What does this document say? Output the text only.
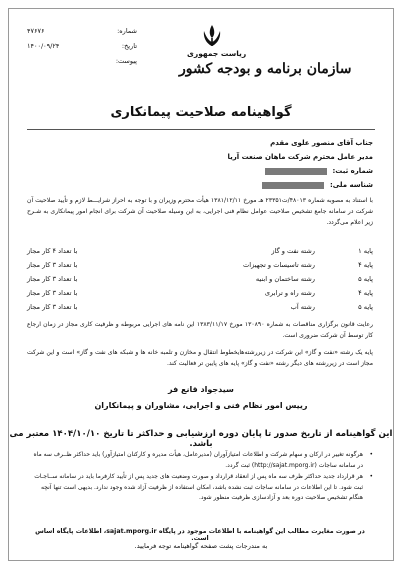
ریاست جمهوری
سازمان برنامه و بودجه کشور
شماره:
۴۷۶۷۶
تاریخ:
۱۴۰۰/۰۹/۲۴
پیوست:
گواهینامه صلاحیت پیمانکاری
جناب آقای منصور علوی مقدم
مدیر عامل محترم شرکت ماهان صنعت آریا
شماره ثبت:
شناسه ملی:
با استناد به مصوبه شماره ۴۸۰۱۳/ت۲۳۳۵۱ هـ مورخ ۱۳۸۱/۱۲/۱۱ هیأت محترم وزیران و با توجه به احراز شرایـــط لازم و تأیید صلاحیت آن شرکت در سامانه جامع تشخیص صلاحیت عوامل نظام فنی اجرایی، به این وسیله صلاحیت آن شرکت برای انجام امور پیمانکاری به شـرح زیر اعلام می‌گردد.
پایه ۱
رشته نفت و گاز
با تعداد ۴ کار مجاز
پایه ۴
رشته تاسیسات و تجهیزات
با تعداد ۳ کار مجاز
پایه ۵
رشته ساختمان و ابنیه
با تعداد ۳ کار مجاز
پایه ۴
رشته راه و ترابری
با تعداد ۳ کار مجاز
پایه ۵
رشته آب
با تعداد ۳ کار مجاز
رعایت قانون برگزاری مناقصات به شماره ۱۳۰۸۹۰ مورخ ۱۳۸۳/۱۱/۱۷ این نامه های اجرایی مربوطه و ظرفیت کاری مجاز در زمان ارجاع کار توسط آن شرکت ضروری است.
پایه یک رشته «نفت و گاز» این شرکت در زیررشته‌هایخطوط انتقال و مخازن و تلمبه خانه ها و شبکه های نفت و گاز» است و این شرکت مجاز است در زیررشته های دیگر رشته «نفت و گاز» پایه های پایین تر فعالیت کند.
سیدجواد قانع فر
رییس امور نظام فنی و اجرایی، مشاوران و پیمانکاران
این گواهینامه از تاریخ صدور تا پایان دوره ارزشیابی و حداکثر تا تاریخ ۱۴۰۴/۱۰/۱۰ معتبر می باشد.
•
هرگونه تغییر در ارکان و سهام شرکت و اطلاعات امتیازآوران (مدیرعامل، هیأت مدیره و کارکنان امتیازآور) باید حداکثر ظــرف سه ماه در سامانه ساجات (http://sajat.mporg.ir) ثبت گردد.
•
هر قرارداد جدید حداکثر ظرف سه ماه پس از انعقاد قرارداد و صورت وضعیت های جدید پس از تأیید کارفرما باید در سامانه ســاجـات ثبت شود. تا این اطلاعات در سامانه ساجات ثبت نشده باشد، امکان استفاده از ظرفیت آزاد شده وجود ندارد. بدیهی است تنها آنچه هنگام تشخیص صلاحیت دوره بعد و آزادسازی ظرفیت منظور شود.
در صورت مغایرت مطالب این گواهینامه با اطلاعات موجود در پایگاه sajat.mporg.ir، اطلاعات پایگاه اساس است.
به مندرجات پشت صفحه گواهینامه توجه فرمایید.
